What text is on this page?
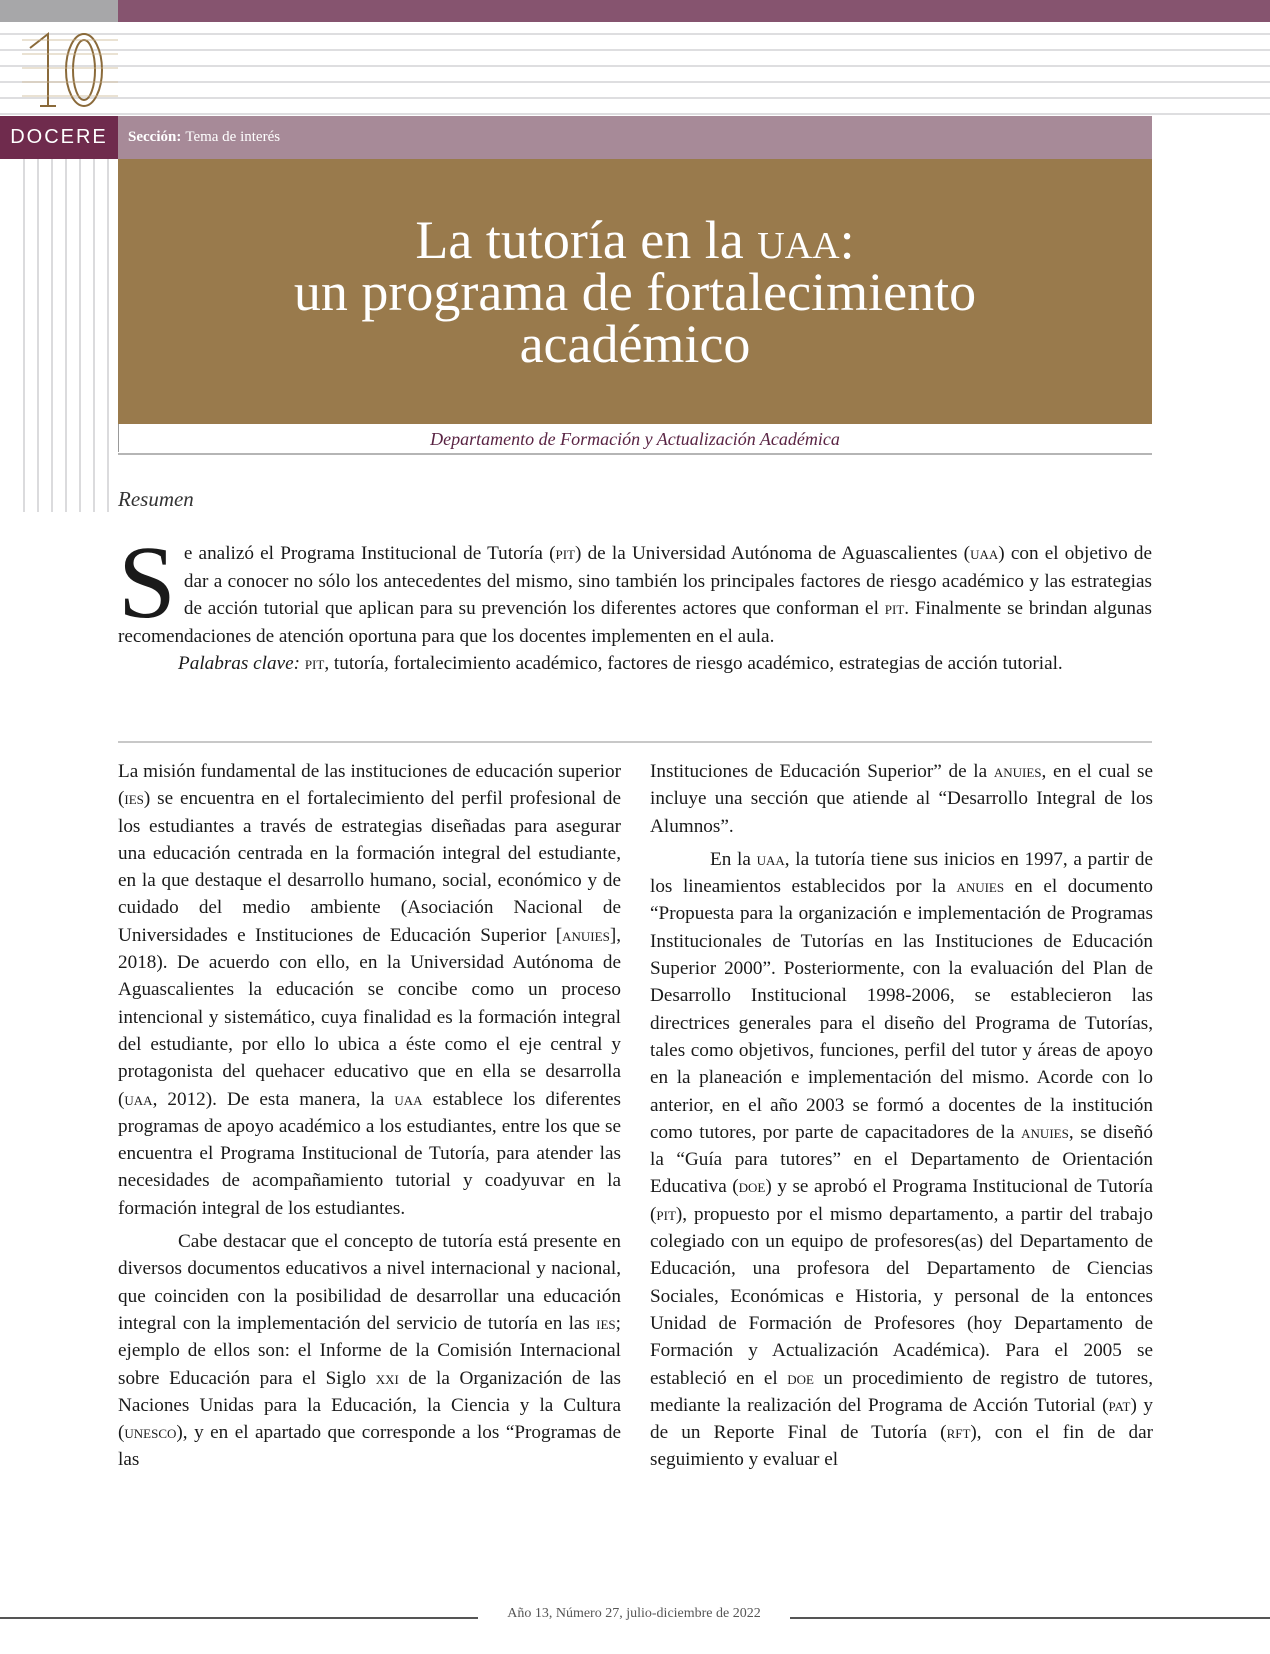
10
DOCERE	Sección: Tema de interés
La tutoría en la uaa:
un programa de fortalecimiento
académico
Departamento de Formación y Actualización Académica
Resumen

Se analizó el Programa Institucional de Tutoría (pit) de la Universidad Autónoma de Aguascalientes (uaa) con el objetivo de dar a conocer no sólo los antecedentes del mismo, sino también los principales factores de riesgo académico y las estrategias de acción tutorial que aplican para su prevención los diferentes actores que conforman el pit. Finalmente se brindan algunas recomendaciones de atención oportuna para que los docentes implementen en el aula.

Palabras clave: pit, tutoría, fortalecimiento académico, factores de riesgo académico, estrategias de acción tutorial.

La misión fundamental de las instituciones de educación superior (ies) se encuentra en el fortalecimiento del perfil profesional de los estudiantes a través de estrategias diseñadas para asegurar una educación centrada en la formación integral del estudiante, en la que destaque el desarrollo humano, social, económico y de cuidado del medio ambiente (Asociación Nacional de Universidades e Instituciones de Educación Superior [anuies], 2018). De acuerdo con ello, en la Universidad Autónoma de Aguascalientes la educación se concibe como un proceso intencional y sistemático, cuya finalidad es la formación integral del estudiante, por ello lo ubica a éste como el eje central y protagonista del quehacer educativo que en ella se desarrolla (uaa, 2012). De esta manera, la uaa establece los diferentes programas de apoyo académico a los estudiantes, entre los que se encuentra el Programa Institucional de Tutoría, para atender las necesidades de acompañamiento tutorial y coadyuvar en la formación integral de los estudiantes.

Cabe destacar que el concepto de tutoría está presente en diversos documentos educativos a nivel internacional y nacional, que coinciden con la posibilidad de desarrollar una educación integral con la implementación del servicio de tutoría en las ies; ejemplo de ellos son: el Informe de la Comisión Internacional sobre Educación para el Siglo xxi de la Organización de las Naciones Unidas para la Educación, la Ciencia y la Cultura (unesco), y en el apartado que corresponde a los “Programas de las

Instituciones de Educación Superior” de la anuies, en el cual se incluye una sección que atiende al “Desarrollo Integral de los Alumnos”.

En la uaa, la tutoría tiene sus inicios en 1997, a partir de los lineamientos establecidos por la anuies en el documento “Propuesta para la organización e implementación de Programas Institucionales de Tutorías en las Instituciones de Educación Superior 2000”. Posteriormente, con la evaluación del Plan de Desarrollo Institucional 1998-2006, se establecieron las directrices generales para el diseño del Programa de Tutorías, tales como objetivos, funciones, perfil del tutor y áreas de apoyo en la planeación e implementación del mismo. Acorde con lo anterior, en el año 2003 se formó a docentes de la institución como tutores, por parte de capacitadores de la anuies, se diseñó la “Guía para tutores” en el Departamento de Orientación Educativa (doe) y se aprobó el Programa Institucional de Tutoría (pit), propuesto por el mismo departamento, a partir del trabajo colegiado con un equipo de profesores(as) del Departamento de Educación, una profesora del Departamento de Ciencias Sociales, Económicas e Historia, y personal de la entonces Unidad de Formación de Profesores (hoy Departamento de Formación y Actualización Académica). Para el 2005 se estableció en el doe un procedimiento de registro de tutores, mediante la realización del Programa de Acción Tutorial (pat) y de un Reporte Final de Tutoría (rft), con el fin de dar seguimiento y evaluar el

Año 13, Número 27, julio-diciembre de 2022
